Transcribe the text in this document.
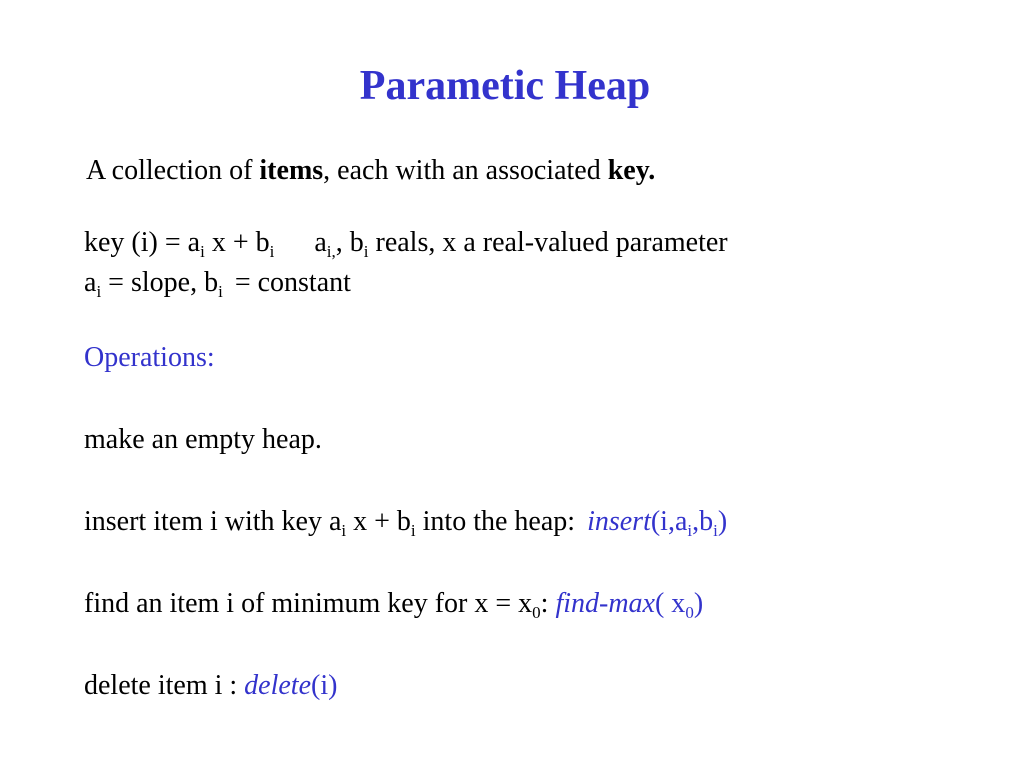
Parametic Heap

A collection of items, each with an associated key.

key $(i) = a_i$ $x + b_i$ $a_{i,}$, $b_i$ reals, x a real-valued parameter

$a_i$ = slope, $b_i$ = constant

Operations:

make an empty heap.

insert item i with key $a_i$ $x + b_i$ into the heap: $insert(i,a_i,b_i)$

find an item i of minimum key for $x = x_0$: find-max( $x_0$)

delete item i : delete(i)
